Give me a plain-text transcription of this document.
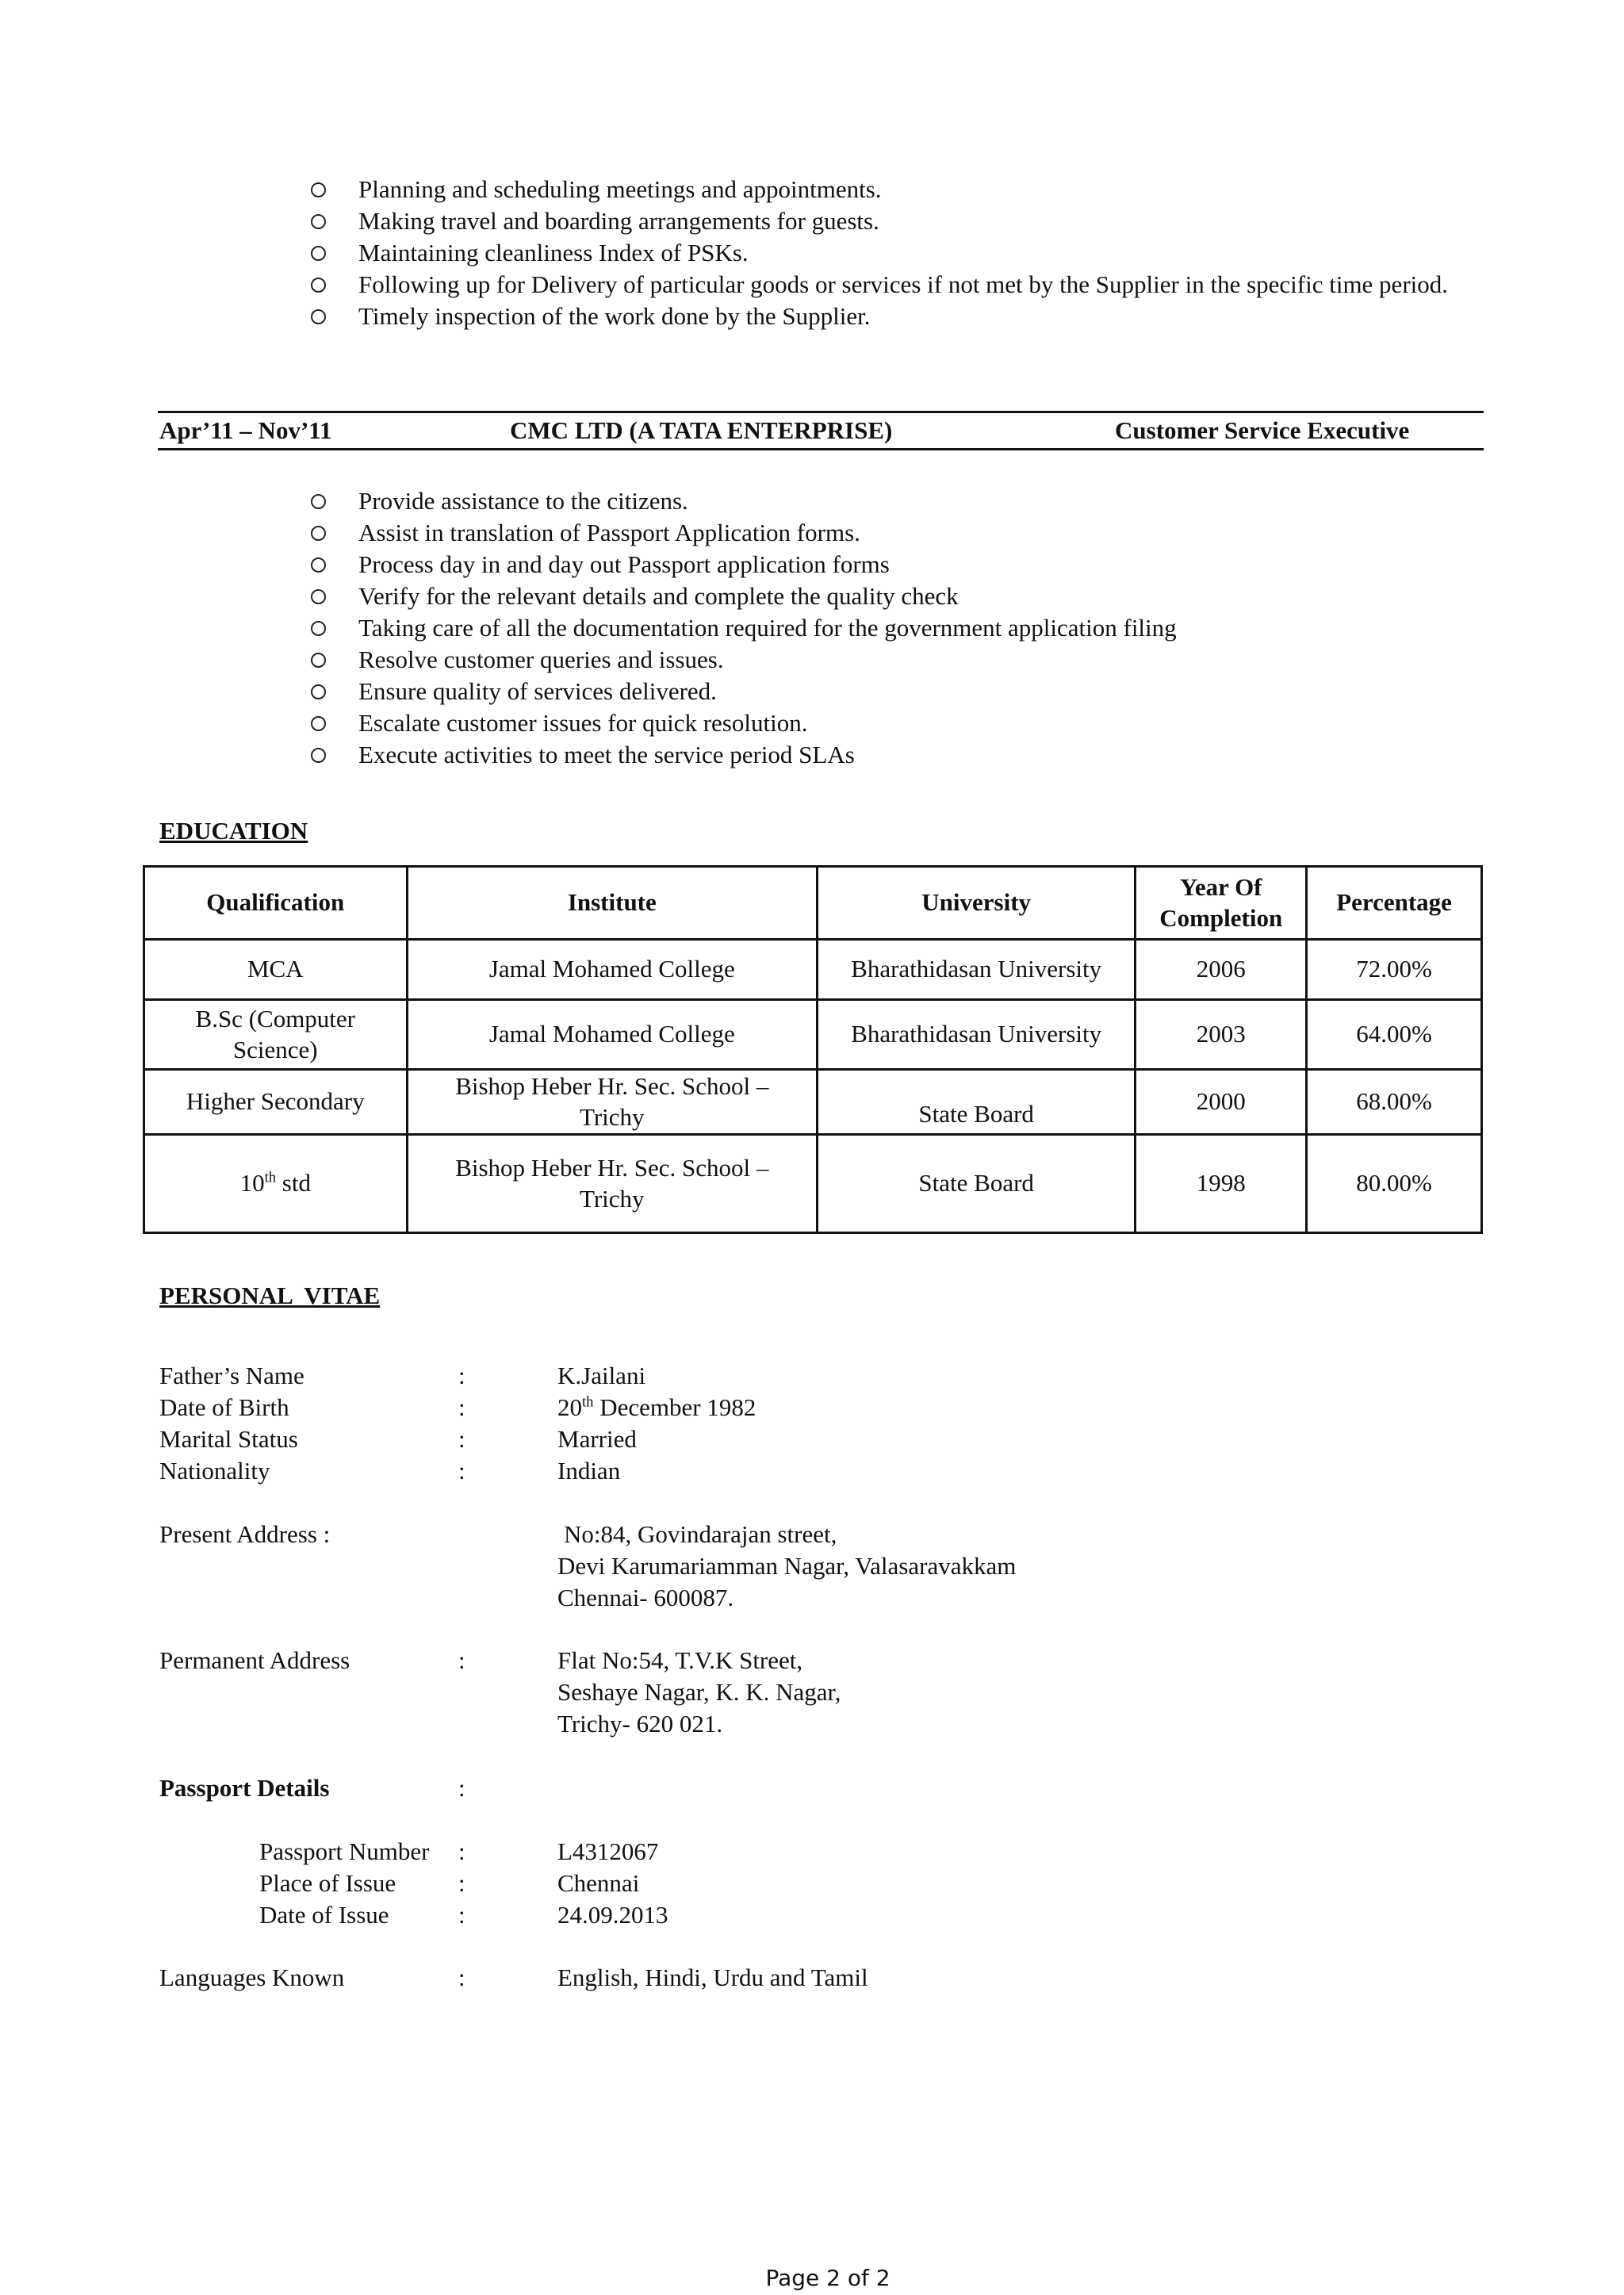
Planning and scheduling meetings and appointments.
Making travel and boarding arrangements for guests.
Maintaining cleanliness Index of PSKs.
Following up for Delivery of particular goods or services if not met by the Supplier in the specific time period.
Timely inspection of the work done by the Supplier.
Apr’11 – Nov’11	CMC LTD (A TATA ENTERPRISE)	Customer Service Executive
Provide assistance to the citizens.
Assist in translation of Passport Application forms.
Process day in and day out Passport application forms
Verify for the relevant details and complete the quality check
Taking care of all the documentation required for the government application filing
Resolve customer queries and issues.
Ensure quality of services delivered.
Escalate customer issues for quick resolution.
Execute activities to meet the service period SLAs
EDUCATION
Qualification	Institute	University	Year Of Completion	Percentage
MCA	Jamal Mohamed College	Bharathidasan University	2006	72.00%
B.Sc (Computer Science)	Jamal Mohamed College	Bharathidasan University	2003	64.00%
Higher Secondary	Bishop Heber Hr. Sec. School – Trichy	State Board	2000	68.00%
10th std	Bishop Heber Hr. Sec. School – Trichy	State Board	1998	80.00%
PERSONAL VITAE
Father’s Name	:	K.Jailani
Date of Birth	:	20th December 1982
Marital Status	:	Married
Nationality	:	Indian
Present Address :	No:84, Govindarajan street,
Devi Karumariamman Nagar, Valasaravakkam
Chennai- 600087.
Permanent Address	:	Flat No:54, T.V.K Street,
Seshaye Nagar, K. K. Nagar,
Trichy- 620 021.
Passport Details	:
Passport Number :	L4312067
Place of Issue	:	Chennai
Date of Issue	:	24.09.2013
Languages Known	:	English, Hindi, Urdu and Tamil
Page 2 of 2
